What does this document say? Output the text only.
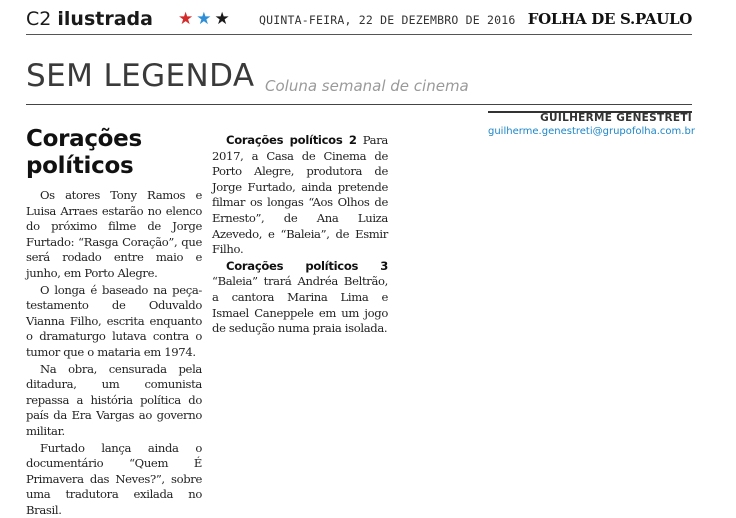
C2 ilustrada ★★★ QUINTA-FEIRA, 22 DE DEZEMBRO DE 2016 FOLHA DE S.PAULO
SEM LEGENDA Coluna semanal de cinema
GUILHERME GENESTRETI
guilherme.genestreti@grupofolha.com.br
Corações políticos

Os atores Tony Ramos e Luisa Arraes estarão no elenco do próximo filme de Jorge Furtado: “Rasga Coração”, que será rodado entre maio e junho, em Porto Alegre.

O longa é baseado na peça-testamento de Oduvaldo Vianna Filho, escrita enquanto o dramaturgo lutava contra o tumor que o mataria em 1974.

Na obra, censurada pela ditadura, um comunista repassa a história política do país da Era Vargas ao governo militar.

Furtado lança ainda o documentário “Quem É Primavera das Neves?”, sobre uma tradutora exilada no Brasil.

Corações políticos 2 Para 2017, a Casa de Cinema de Porto Alegre, produtora de Jorge Furtado, ainda pretende filmar os longas “Aos Olhos de Ernesto”, de Ana Luiza Azevedo, e “Baleia”, de Esmir Filho.

Corações políticos 3 “Baleia” trará Andréa Beltrão, a cantora Marina Lima e Ismael Caneppele em um jogo de sedução numa praia isolada.
